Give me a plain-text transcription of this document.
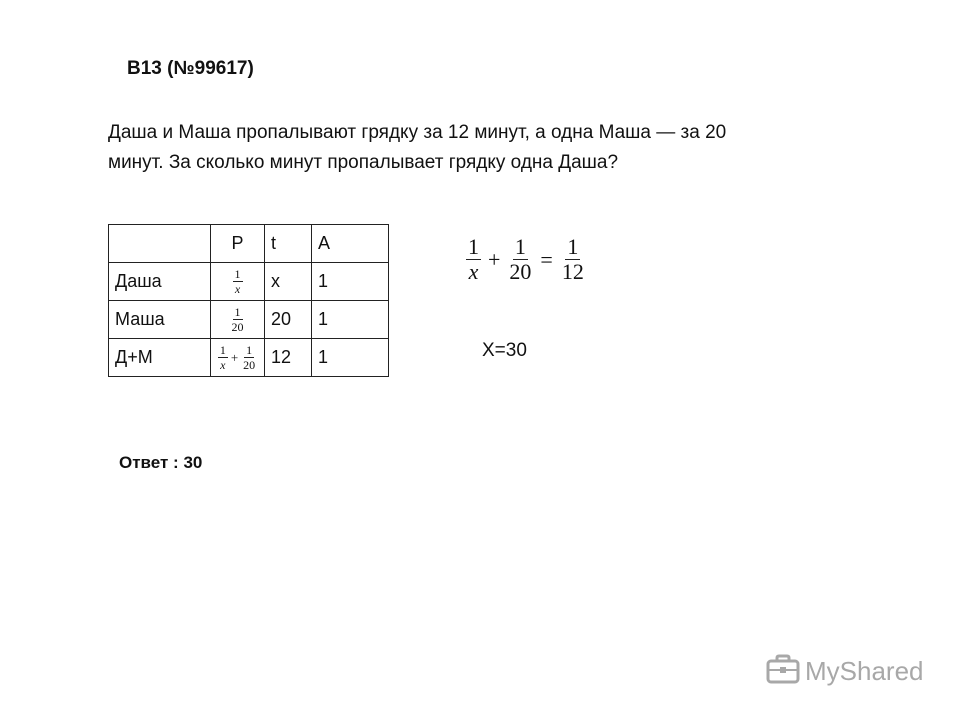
B13 (№99617)

Даша и Маша пропалывают грядку за 12 минут, а одна Маша — за 20

минут. За сколько минут пропалывает грядку одна Даша?

	P	t	A
Даша	$\frac{1}{x}$	x	1
Маша	$\frac{1}{20}$	20	1
Д+М	$\frac{1}{x} + \frac{1}{20}$	12	1
$\frac{1}{x} + \frac{1}{20} = \frac{1}{12}$
X=30
Ответ : 30
MyShared
